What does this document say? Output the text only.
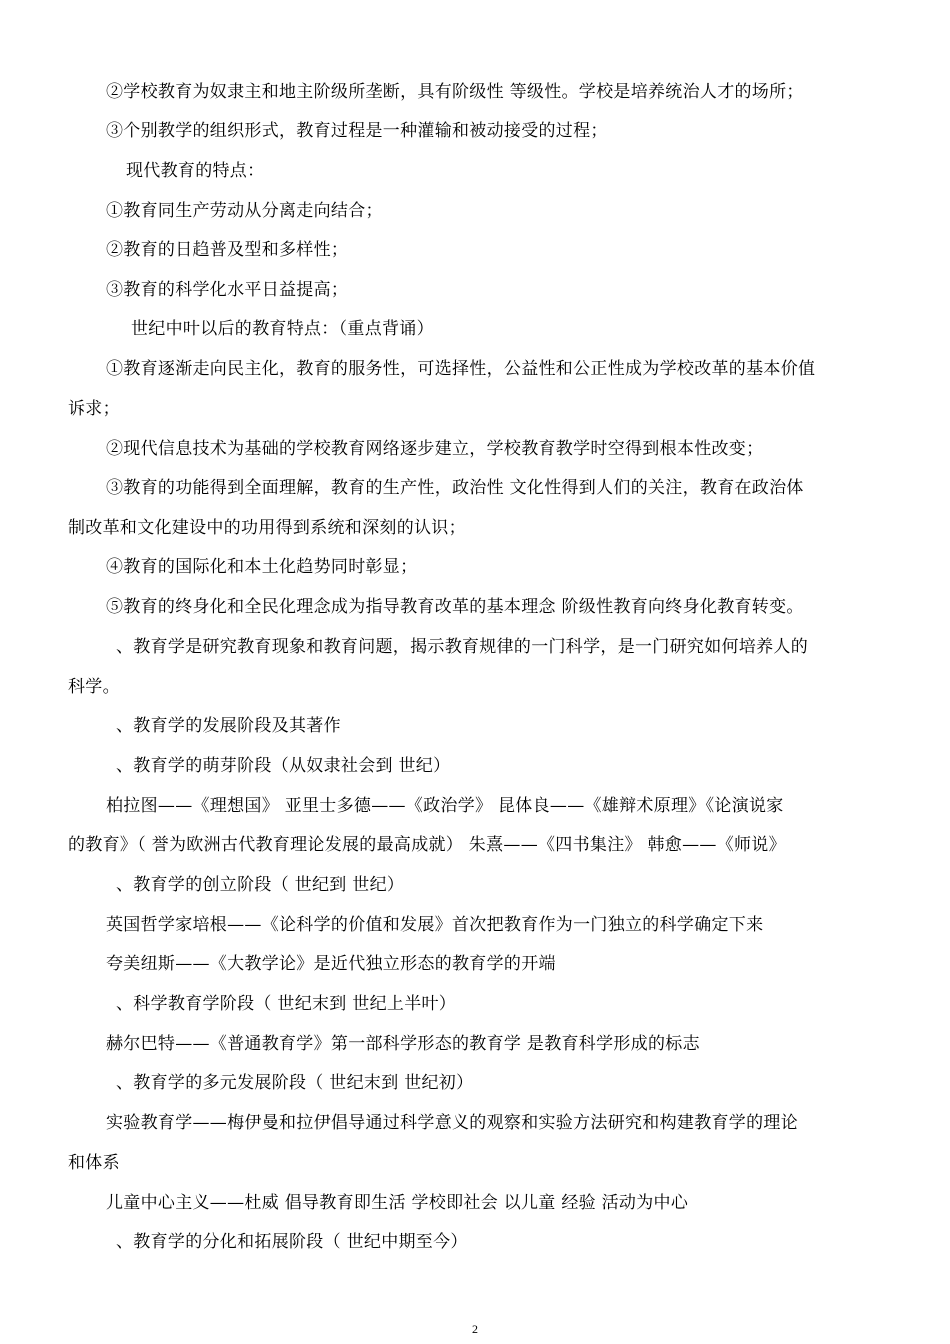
②学校教育为奴隶主和地主阶级所垄断，具有阶级性 等级性。学校是培养统治人才的场所；
③个别教学的组织形式，教育过程是一种灌输和被动接受的过程；
现代教育的特点：
①教育同生产劳动从分离走向结合；
②教育的日趋普及型和多样性；
③教育的科学化水平日益提高；
世纪中叶以后的教育特点：（重点背诵）
①教育逐渐走向民主化，教育的服务性，可选择性，公益性和公正性成为学校改革的基本价值
诉求；
②现代信息技术为基础的学校教育网络逐步建立，学校教育教学时空得到根本性改变；
③教育的功能得到全面理解，教育的生产性，政治性 文化性得到人们的关注，教育在政治体
制改革和文化建设中的功用得到系统和深刻的认识；
④教育的国际化和本土化趋势同时彰显；
⑤教育的终身化和全民化理念成为指导教育改革的基本理念 阶级性教育向终身化教育转变。
、教育学是研究教育现象和教育问题，揭示教育规律的一门科学，是一门研究如何培养人的
科学。
、教育学的发展阶段及其著作
、教育学的萌芽阶段（从奴隶社会到 世纪）
柏拉图——《理想国》 亚里士多德——《政治学》 昆体良——《雄辩术原理》《论演说家
的教育》（ 誉为欧洲古代教育理论发展的最高成就） 朱熹——《四书集注》 韩愈——《师说》
、教育学的创立阶段（ 世纪到 世纪）
英国哲学家培根——《论科学的价值和发展》首次把教育作为一门独立的科学确定下来
夸美纽斯——《大教学论》是近代独立形态的教育学的开端
、科学教育学阶段（ 世纪末到 世纪上半叶）
赫尔巴特——《普通教育学》第一部科学形态的教育学 是教育科学形成的标志
、教育学的多元发展阶段（ 世纪末到 世纪初）
实验教育学——梅伊曼和拉伊倡导通过科学意义的观察和实验方法研究和构建教育学的理论
和体系
儿童中心主义——杜威 倡导教育即生活 学校即社会 以儿童 经验 活动为中心
、教育学的分化和拓展阶段（ 世纪中期至今）
2
